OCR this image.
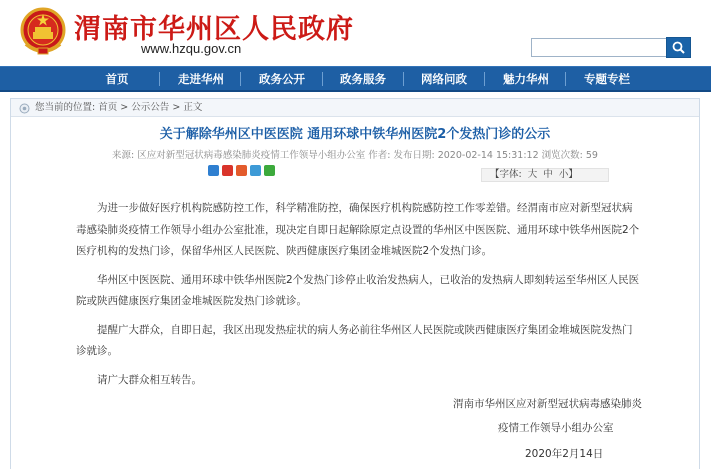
渭南市华州区人民政府
www.hzqu.gov.cn
首页	走进华州	政务公开	政务服务	网络问政	魅力华州	专题专栏
您当前的位置: 首页 > 公示公告 > 正文
关于解除华州区中医医院 通用环球中铁华州医院2个发热门诊的公示
来源: 区应对新型冠状病毒感染肺炎疫情工作领导小组办公室 作者: 发布日期: 2020-02-14 15:31:12 浏览次数: 59
【字体: 大 中 小】

为进一步做好医疗机构院感防控工作，科学精准防控，确保医疗机构院感防控工作零差错。经渭南市应对新型冠状病毒感染肺炎疫情工作领导小组办公室批准，现决定自即日起解除原定点设置的华州区中医医院、通用环球中铁华州医院2个医疗机构的发热门诊，保留华州区人民医院、陕西健康医疗集团金堆城医院2个发热门诊。

华州区中医医院、通用环球中铁华州医院2个发热门诊停止收治发热病人，已收治的发热病人即刻转运至华州区人民医院或陕西健康医疗集团金堆城医院发热门诊就诊。

提醒广大群众，自即日起，我区出现发热症状的病人务必前往华州区人民医院或陕西健康医疗集团金堆城医院发热门诊就诊。

请广大群众相互转告。

渭南市华州区应对新型冠状病毒感染肺炎
疫情工作领导小组办公室
2020年2月14日
